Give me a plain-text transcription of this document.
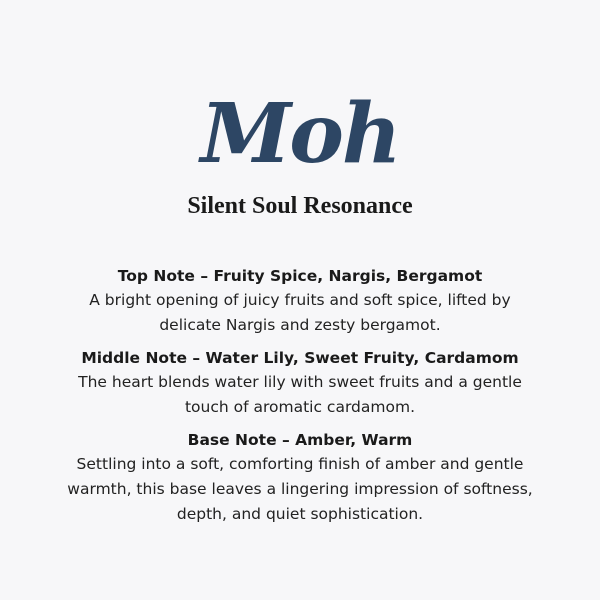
Moh
Silent Soul Resonance
Top Note – Fruity Spice, Nargis, Bergamot
A bright opening of juicy fruits and soft spice, lifted by delicate Nargis and zesty bergamot.
Middle Note – Water Lily, Sweet Fruity, Cardamom
The heart blends water lily with sweet fruits and a gentle touch of aromatic cardamom.
Base Note – Amber, Warm
Settling into a soft, comforting finish of amber and gentle warmth, this base leaves a lingering impression of softness, depth, and quiet sophistication.
